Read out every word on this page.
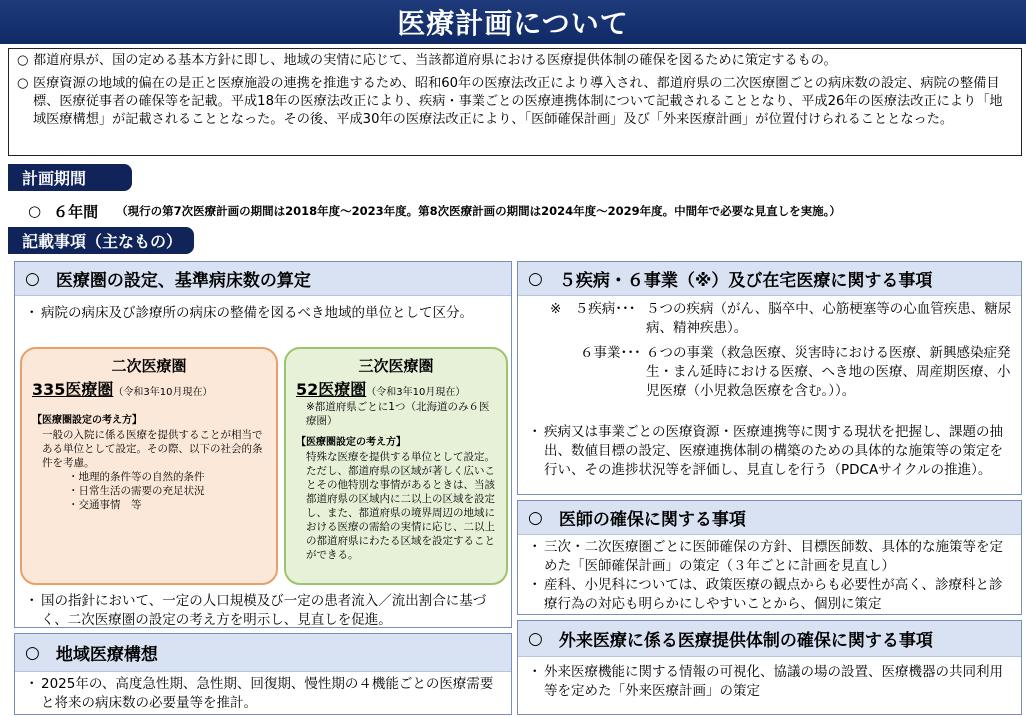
医療計画について
○ 都道府県が、国の定める基本方針に即し、地域の実情に応じて、当該都道府県における医療提供体制の確保を図るために策定するもの。
○ 医療資源の地域的偏在の是正と医療施設の連携を推進するため、昭和60年の医療法改正により導入され、都道府県の二次医療圏ごとの病床数の設定、病院の整備目標、医療従事者の確保等を記載。平成18年の医療法改正により、疾病・事業ごとの医療連携体制について記載されることとなり、平成26年の医療法改正により「地域医療構想」が記載されることとなった。その後、平成30年の医療法改正により、「医師確保計画」及び「外来医療計画」が位置付けられることとなった。
計画期間
○ ６年間 （現行の第7次医療計画の期間は2018年度～2023年度。第8次医療計画の期間は2024年度～2029年度。中間年で必要な見直しを実施。）
記載事項（主なもの）
○ 医療圏の設定、基準病床数の算定
・ 病院の病床及び診療所の病床の整備を図るべき地域的単位として区分。
二次医療圏
335医療圏（令和3年10月現在）
【医療圏設定の考え方】
一般の入院に係る医療を提供することが相当である単位として設定。その際、以下の社会的条件を考慮。
・地理的条件等の自然的条件
・日常生活の需要の充足状況
・交通事情　等
三次医療圏
52医療圏（令和3年10月現在）
※都道府県ごとに1つ（北海道のみ６医療圏）
【医療圏設定の考え方】
特殊な医療を提供する単位として設定。ただし、都道府県の区域が著しく広いことその他特別な事情があるときは、当該都道府県の区域内に二以上の区域を設定し、また、都道府県の境界周辺の地域における医療の需給の実情に応じ、二以上の都道府県にわたる区域を設定することができる。
・ 国の指針において、一定の人口規模及び一定の患者流入／流出割合に基づく、二次医療圏の設定の考え方を明示し、見直しを促進。
○ 地域医療構想
・ 2025年の、高度急性期、急性期、回復期、慢性期の４機能ごとの医療需要と将来の病床数の必要量等を推計。
○ ５疾病・６事業（※）及び在宅医療に関する事項
※　５疾病･･･ ５つの疾病（がん、脳卒中、心筋梗塞等の心血管疾患、糖尿病、精神疾患）。
６事業･･･ ６つの事業（救急医療、災害時における医療、新興感染症発生・まん延時における医療、へき地の医療、周産期医療、小児医療（小児救急医療を含む。））。
・ 疾病又は事業ごとの医療資源・医療連携等に関する現状を把握し、課題の抽出、数値目標の設定、医療連携体制の構築のための具体的な施策等の策定を行い、その進捗状況等を評価し、見直しを行う（PDCAサイクルの推進）。
○ 医師の確保に関する事項
・ 三次・二次医療圏ごとに医師確保の方針、目標医師数、具体的な施策等を定めた「医師確保計画」の策定（３年ごとに計画を見直し）
・ 産科、小児科については、政策医療の観点からも必要性が高く、診療科と診療行為の対応も明らかにしやすいことから、個別に策定
○ 外来医療に係る医療提供体制の確保に関する事項
・ 外来医療機能に関する情報の可視化、協議の場の設置、医療機器の共同利用等を定めた「外来医療計画」の策定
